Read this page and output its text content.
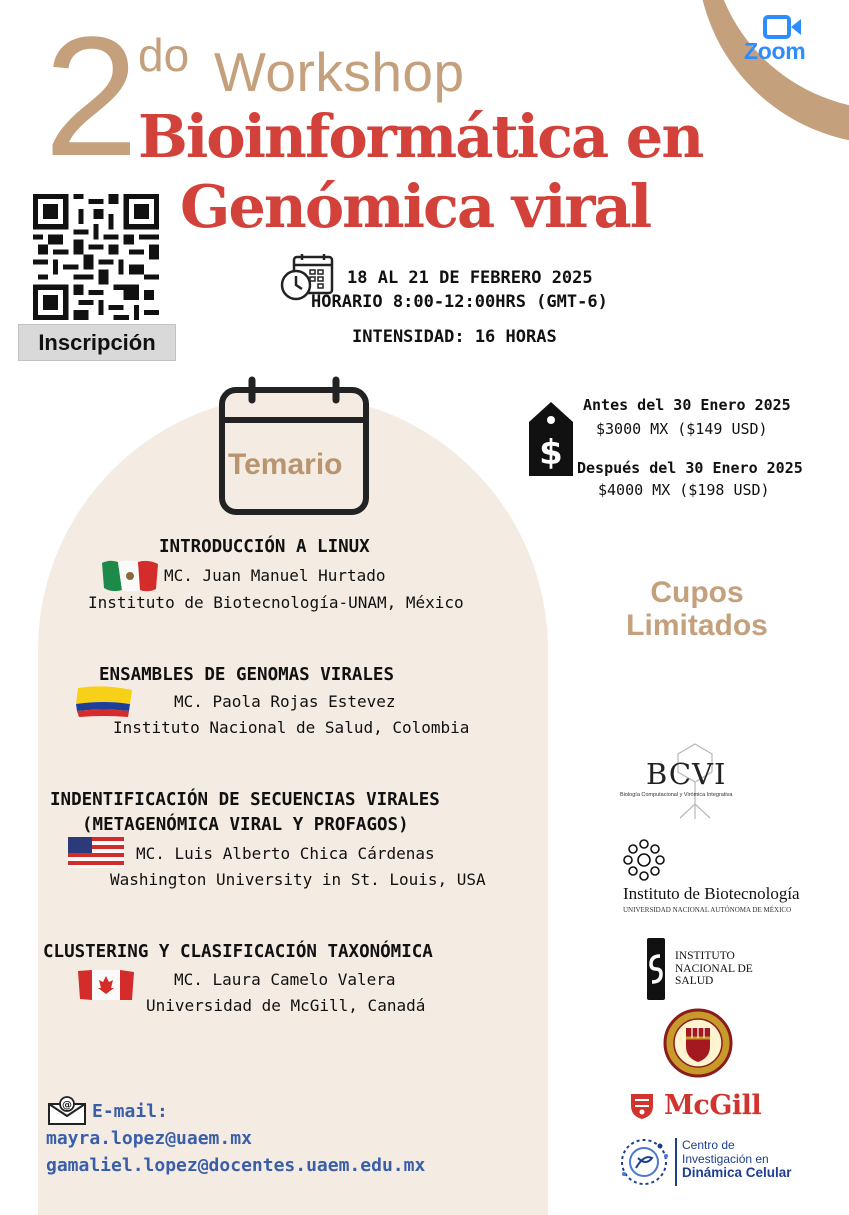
Zoom
2 do Workshop
Bioinformática en
Genómica viral
Inscripción
18 AL 21 DE FEBRERO 2025
HORARIO 8:00-12:00HRS (GMT-6)
INTENSIDAD: 16 HORAS
$
Antes del 30 Enero 2025
$3000 MX ($149 USD)
Después del 30 Enero 2025
$4000 MX ($198 USD)
Temario
INTRODUCCIÓN A LINUX
MC. Juan Manuel Hurtado
Instituto de Biotecnología-UNAM, México
ENSAMBLES DE GENOMAS VIRALES
MC. Paola Rojas Estevez
Instituto Nacional de Salud, Colombia
INDENTIFICACIÓN DE SECUENCIAS VIRALES
(METAGENÓMICA VIRAL Y PROFAGOS)
MC. Luis Alberto Chica Cárdenas
Washington University in St. Louis, USA
CLUSTERING Y CLASIFICACIÓN TAXONÓMICA
MC. Laura Camelo Valera
Universidad de McGill, Canadá
Cupos
Limitados
BCVI
Biología Computacional y Virómica Integrativa
Instituto de Biotecnología
UNIVERSIDAD NACIONAL AUTÓNOMA DE MÉXICO
INSTITUTO
NACIONAL DE
SALUD
McGill
Centro de
Investigación en
Dinámica Celular
@ E-mail:
mayra.lopez@uaem.mx
gamaliel.lopez@docentes.uaem.edu.mx
